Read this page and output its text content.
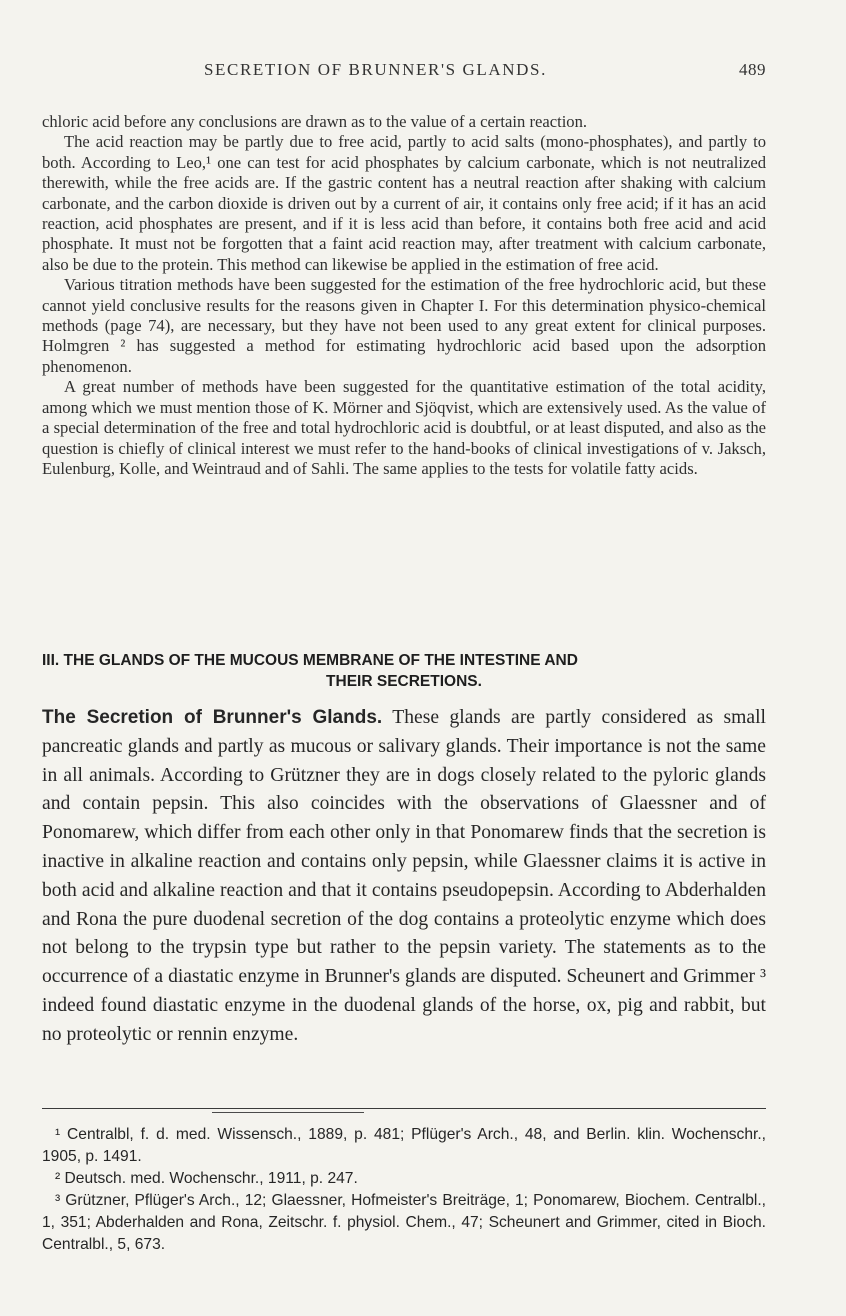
SECRETION OF BRUNNER'S GLANDS.	489

chloric acid before any conclusions are drawn as to the value of a certain reaction.

The acid reaction may be partly due to free acid, partly to acid salts (mono-phosphates), and partly to both. According to Leo,¹ one can test for acid phosphates by calcium carbonate, which is not neutralized therewith, while the free acids are. If the gastric content has a neutral reaction after shaking with calcium carbonate, and the carbon dioxide is driven out by a current of air, it contains only free acid; if it has an acid reaction, acid phosphates are present, and if it is less acid than before, it contains both free acid and acid phosphate. It must not be forgotten that a faint acid reaction may, after treatment with calcium carbonate, also be due to the protein. This method can likewise be applied in the estimation of free acid.

Various titration methods have been suggested for the estimation of the free hydrochloric acid, but these cannot yield conclusive results for the reasons given in Chapter I. For this determination physico-chemical methods (page 74), are necessary, but they have not been used to any great extent for clinical purposes. Holmgren ² has suggested a method for estimating hydrochloric acid based upon the adsorption phenomenon.

A great number of methods have been suggested for the quantitative estimation of the total acidity, among which we must mention those of K. Mörner and Sjöqvist, which are extensively used. As the value of a special determination of the free and total hydrochloric acid is doubtful, or at least disputed, and also as the question is chiefly of clinical interest we must refer to the hand-books of clinical investigations of v. Jaksch, Eulenburg, Kolle, and Weintraud and of Sahli. The same applies to the tests for volatile fatty acids.

III. THE GLANDS OF THE MUCOUS MEMBRANE OF THE INTESTINE AND
THEIR SECRETIONS.

The Secretion of Brunner's Glands. These glands are partly considered as small pancreatic glands and partly as mucous or salivary glands. Their importance is not the same in all animals. According to Grützner they are in dogs closely related to the pyloric glands and contain pepsin. This also coincides with the observations of Glaessner and of Ponomarew, which differ from each other only in that Ponomarew finds that the secretion is inactive in alkaline reaction and contains only pepsin, while Glaessner claims it is active in both acid and alkaline reaction and that it contains pseudopepsin. According to Abderhalden and Rona the pure duodenal secretion of the dog contains a proteolytic enzyme which does not belong to the trypsin type but rather to the pepsin variety. The statements as to the occurrence of a diastatic enzyme in Brunner's glands are disputed. Scheunert and Grimmer ³ indeed found diastatic enzyme in the duodenal glands of the horse, ox, pig and rabbit, but no proteolytic or rennin enzyme.

¹ Centralbl, f. d. med. Wissensch., 1889, p. 481; Pflüger's Arch., 48, and Berlin. klin. Wochenschr., 1905, p. 1491.

² Deutsch. med. Wochenschr., 1911, p. 247.

³ Grützner, Pflüger's Arch., 12; Glaessner, Hofmeister's Breiträge, 1; Ponomarew, Biochem. Centralbl., 1, 351; Abderhalden and Rona, Zeitschr. f. physiol. Chem., 47; Scheunert and Grimmer, cited in Bioch. Centralbl., 5, 673.
